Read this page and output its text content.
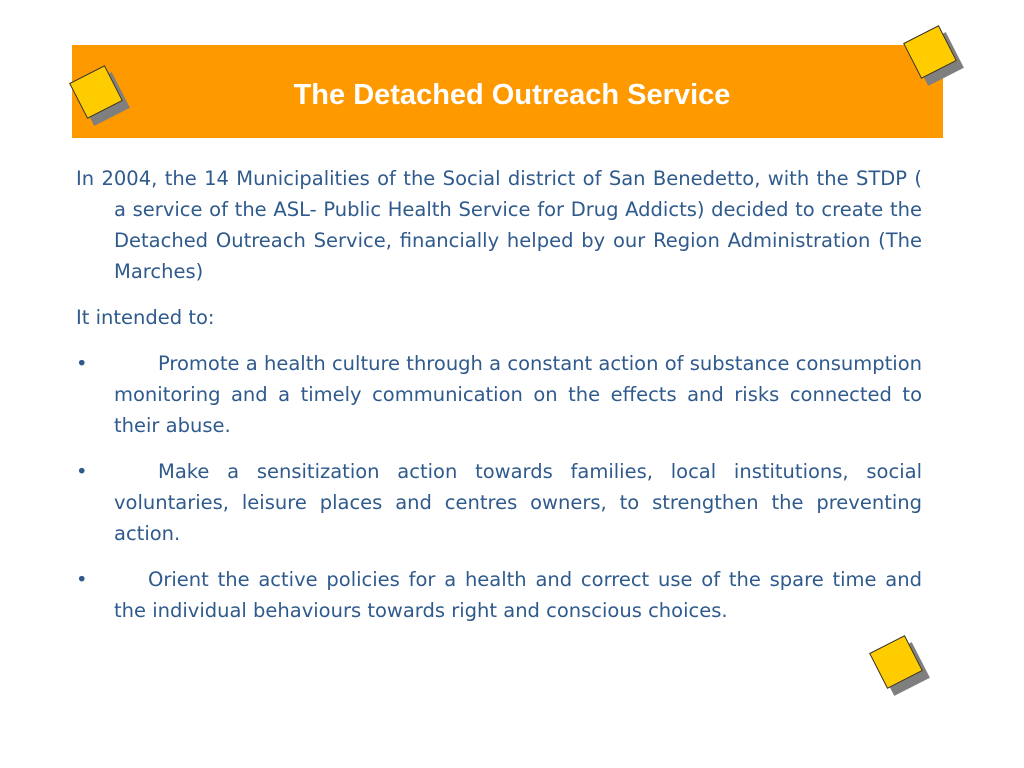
The Detached Outreach Service

In 2004, the 14 Municipalities of the Social district of San Benedetto, with the STDP ( a service of the ASL- Public Health Service for Drug Addicts) decided to create the Detached Outreach Service, financially helped by our Region Administration (The Marches)

It intended to:

•	Promote a health culture through a constant action of substance consumption monitoring and a timely communication on the effects and risks connected to their abuse.
•	Make a sensitization action towards families, local institutions, social voluntaries, leisure places and centres owners, to strengthen the preventing action.
•	Orient the active policies for a health and correct use of the spare time and the individual behaviours towards right and conscious choices.
